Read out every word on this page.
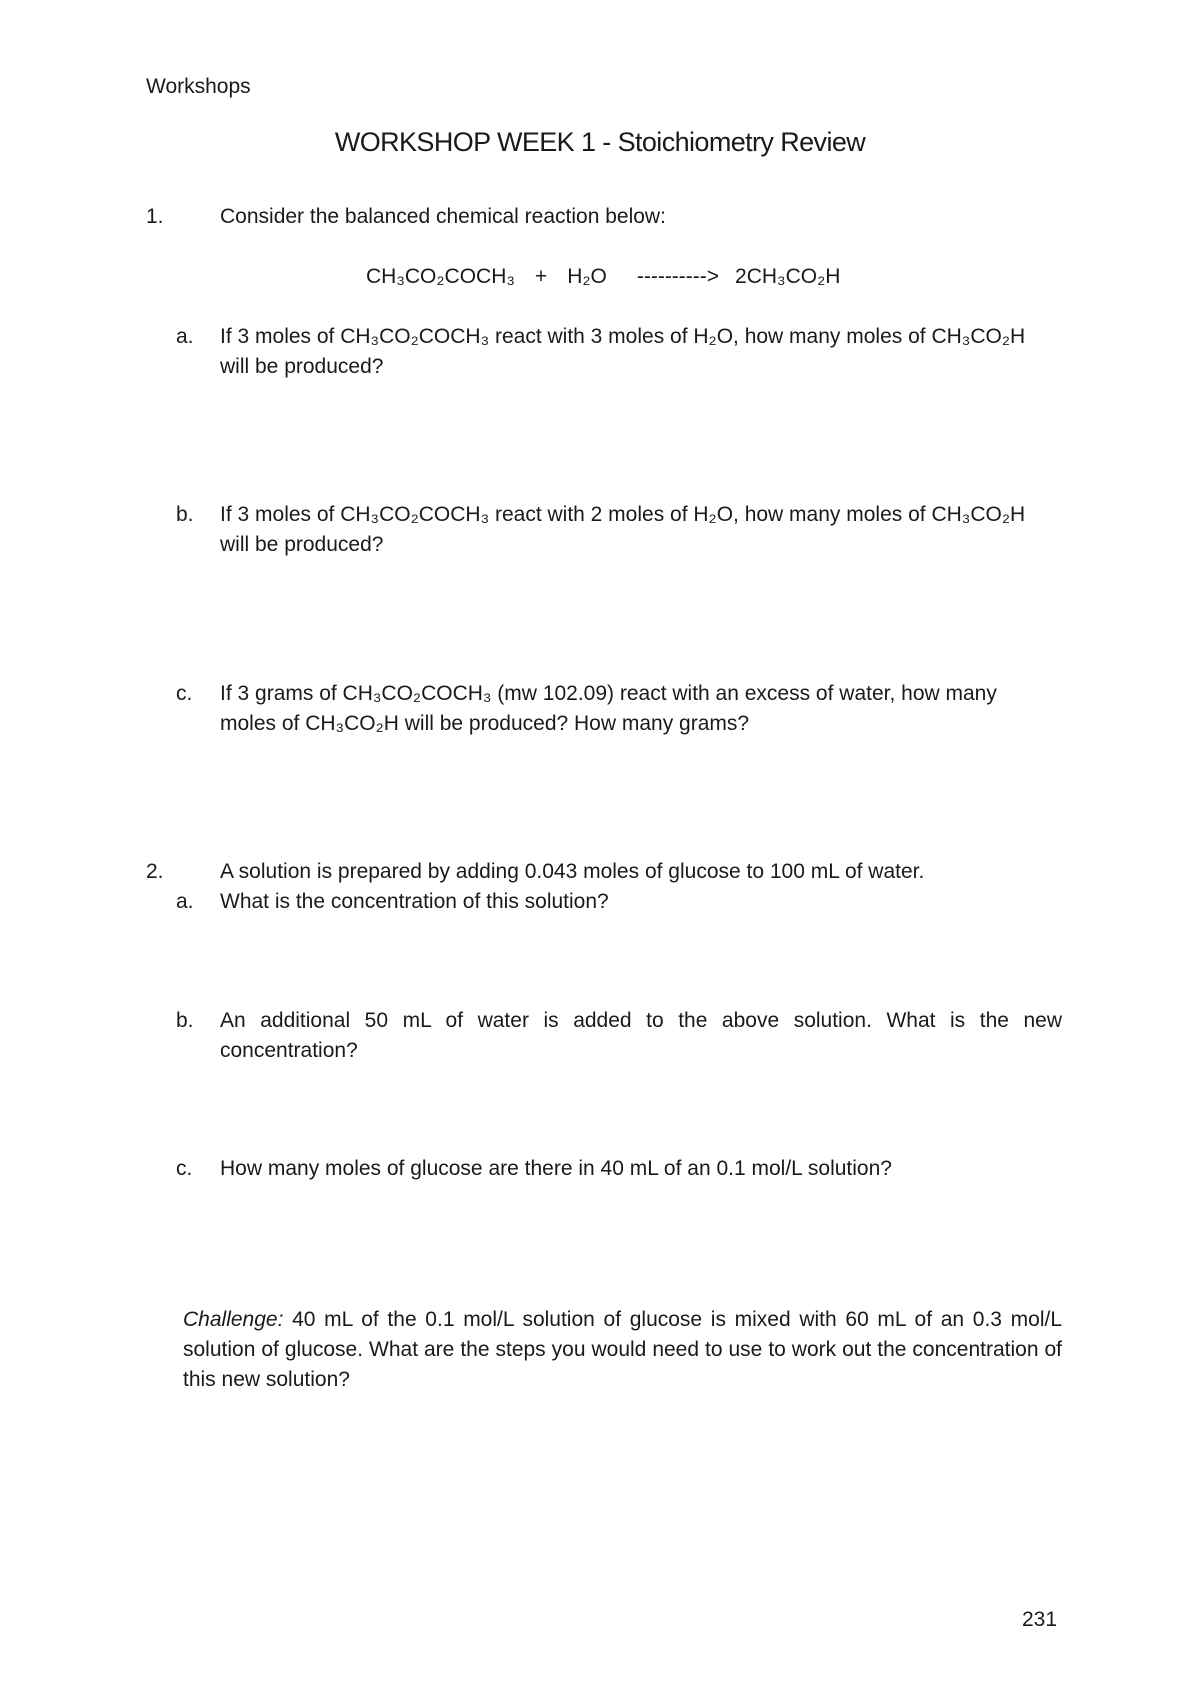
Workshops
WORKSHOP WEEK 1 - Stoichiometry Review
1.	Consider the balanced chemical reaction below:
CH₃CO₂COCH₃ + H₂O ----------> 2CH₃CO₂H
a. If 3 moles of CH₃CO₂COCH₃ react with 3 moles of H₂O, how many moles of CH₃CO₂H
will be produced?
b. If 3 moles of CH₃CO₂COCH₃ react with 2 moles of H₂O, how many moles of CH₃CO₂H
will be produced?
c. If 3 grams of CH₃CO₂COCH₃ (mw 102.09) react with an excess of water, how many
moles of CH₃CO₂H will be produced? How many grams?
2.	A solution is prepared by adding 0.043 moles of glucose to 100 mL of water.
a. What is the concentration of this solution?
b. An additional 50 mL of water is added to the above solution. What is the new concentration?
c. How many moles of glucose are there in 40 mL of an 0.1 mol/L solution?
Challenge: 40 mL of the 0.1 mol/L solution of glucose is mixed with 60 mL of an 0.3 mol/L solution of glucose. What are the steps you would need to use to work out the concentration of this new solution?
231
